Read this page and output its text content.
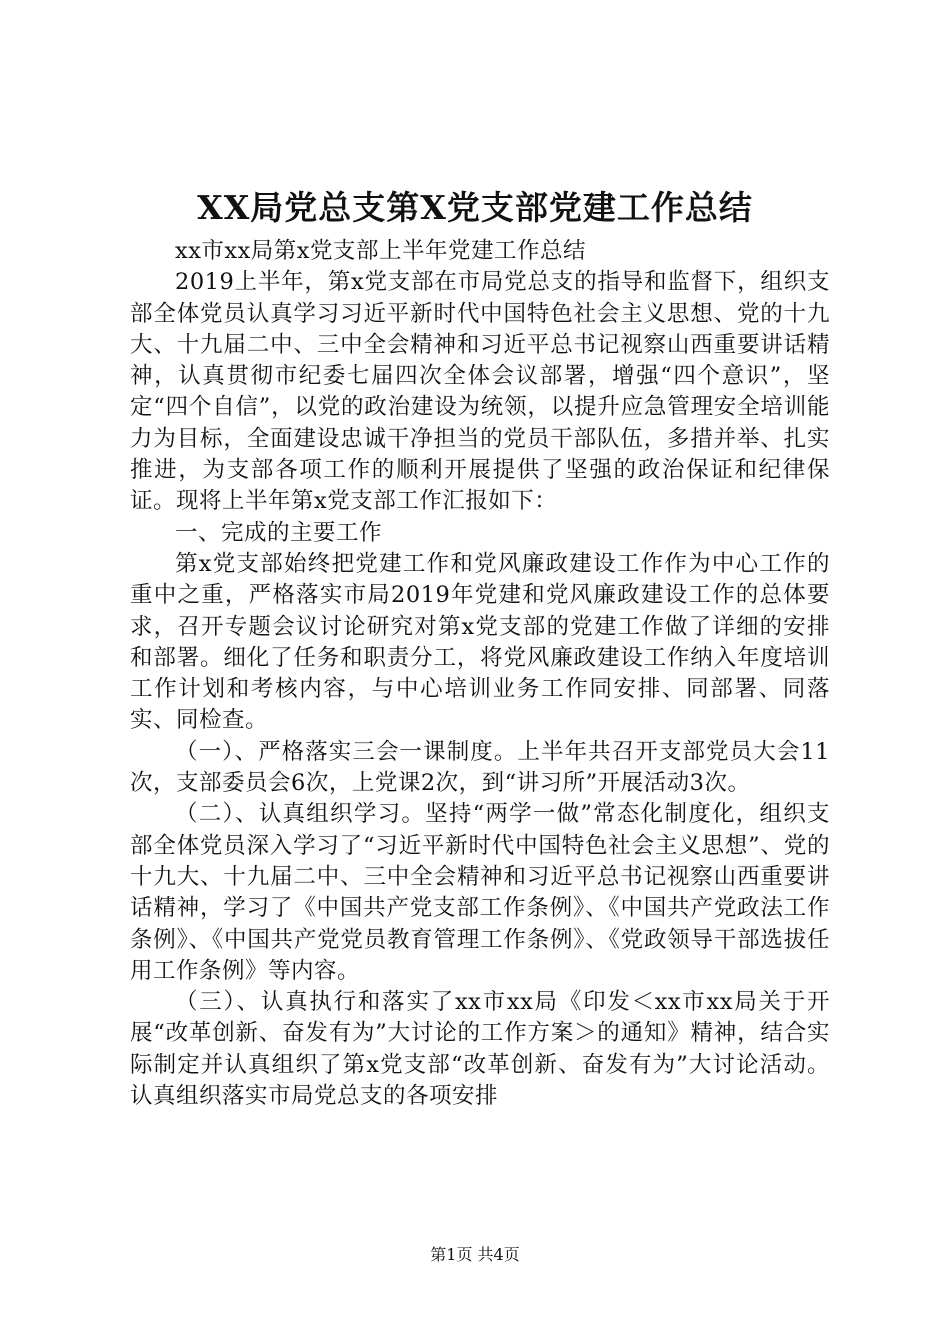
XX局党总支第X党支部党建工作总结

xx市xx局第x党支部上半年党建工作总结

2019上半年，第x党支部在市局党总支的指导和监督下，组织支部全体党员认真学习习近平新时代中国特色社会主义思想、党的十九大、十九届二中、三中全会精神和习近平总书记视察山西重要讲话精神，认真贯彻市纪委七届四次全体会议部署，增强“四个意识”，坚定“四个自信”，以党的政治建设为统领，以提升应急管理安全培训能力为目标，全面建设忠诚干净担当的党员干部队伍，多措并举、扎实推进，为支部各项工作的顺利开展提供了坚强的政治保证和纪律保证。现将上半年第x党支部工作汇报如下：

一、完成的主要工作

第x党支部始终把党建工作和党风廉政建设工作作为中心工作的重中之重，严格落实市局2019年党建和党风廉政建设工作的总体要求，召开专题会议讨论研究对第x党支部的党建工作做了详细的安排和部署。细化了任务和职责分工，将党风廉政建设工作纳入年度培训工作计划和考核内容，与中心培训业务工作同安排、同部署、同落实、同检查。

（一）、严格落实三会一课制度。上半年共召开支部党员大会11次，支部委员会6次，上党课2次，到“讲习所”开展活动3次。

（二）、认真组织学习。坚持“两学一做”常态化制度化，组织支部全体党员深入学习了“习近平新时代中国特色社会主义思想”、党的十九大、十九届二中、三中全会精神和习近平总书记视察山西重要讲话精神，学习了《中国共产党支部工作条例》、《中国共产党政法工作条例》、《中国共产党党员教育管理工作条例》、《党政领导干部选拔任用工作条例》等内容。

（三）、认真执行和落实了xx市xx局《印发＜xx市xx局关于开展“改革创新、奋发有为”大讨论的工作方案＞的通知》精神，结合实际制定并认真组织了第x党支部“改革创新、奋发有为”大讨论活动。认真组织落实市局党总支的各项安排

第1页 共4页
